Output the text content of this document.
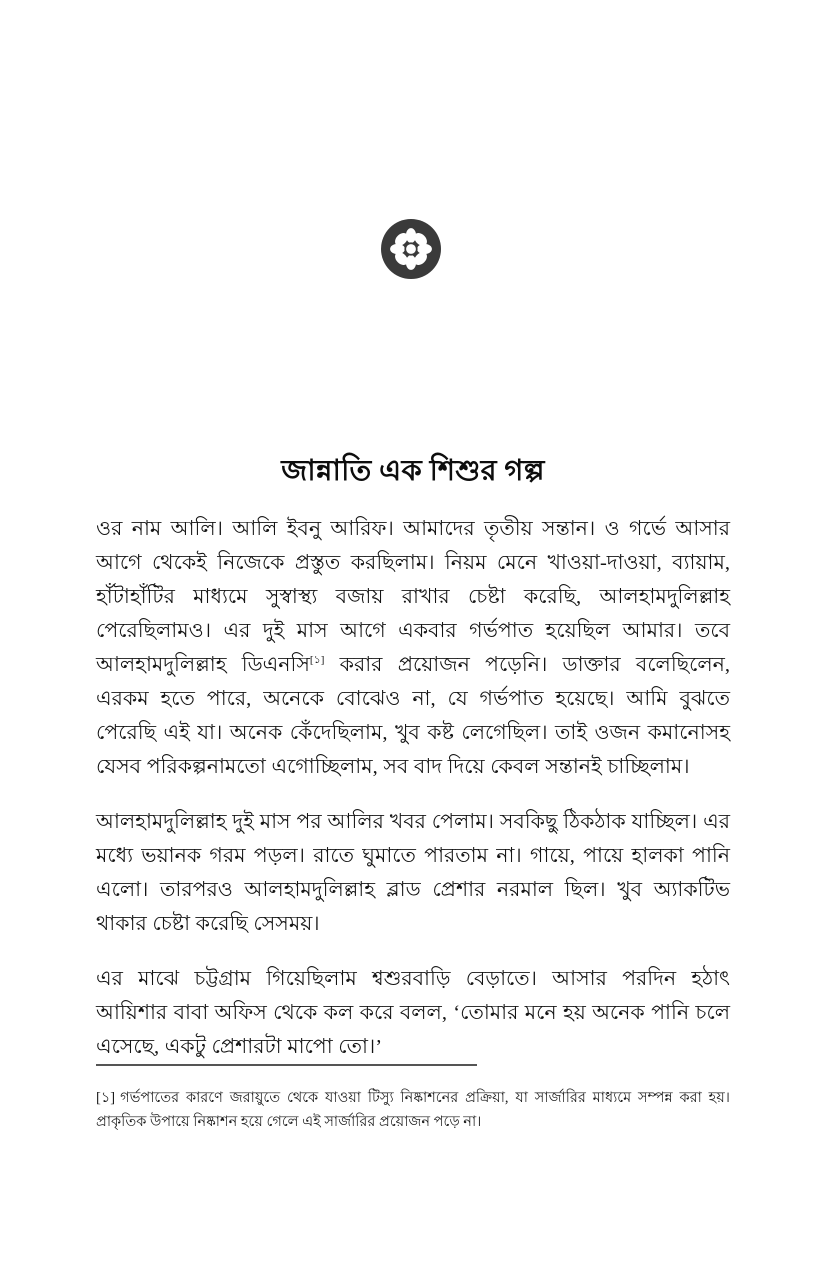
জান্নাতি এক শিশুর গল্প

ওর নাম আলি। আলি ইবনু আরিফ। আমাদের তৃতীয় সন্তান। ও গর্ভে আসার আগে থেকেই নিজেকে প্রস্তুত করছিলাম। নিয়ম মেনে খাওয়া-দাওয়া, ব্যায়াম, হাঁটাহাঁটির মাধ্যমে সুস্বাস্থ্য বজায় রাখার চেষ্টা করেছি, আলহামদুলিল্লাহ পেরেছিলামও। এর দুই মাস আগে একবার গর্ভপাত হয়েছিল আমার। তবে আলহামদুলিল্লাহ ডিএনসি[১] করার প্রয়োজন পড়েনি। ডাক্তার বলেছিলেন, এরকম হতে পারে, অনেকে বোঝেও না, যে গর্ভপাত হয়েছে। আমি বুঝতে পেরেছি এই যা। অনেক কেঁদেছিলাম, খুব কষ্ট লেগেছিল। তাই ওজন কমানোসহ যেসব পরিকল্পনামতো এগোচ্ছিলাম, সব বাদ দিয়ে কেবল সন্তানই চাচ্ছিলাম।

আলহামদুলিল্লাহ দুই মাস পর আলির খবর পেলাম। সবকিছু ঠিকঠাক যাচ্ছিল। এর মধ্যে ভয়ানক গরম পড়ল। রাতে ঘুমাতে পারতাম না। গায়ে, পায়ে হালকা পানি এলো। তারপরও আলহামদুলিল্লাহ ব্লাড প্রেশার নরমাল ছিল। খুব অ্যাকটিভ থাকার চেষ্টা করেছি সেসময়।

এর মাঝে চট্টগ্রাম গিয়েছিলাম শ্বশুরবাড়ি বেড়াতে। আসার পরদিন হঠাৎ আয়িশার বাবা অফিস থেকে কল করে বলল, ‘তোমার মনে হয় অনেক পানি চলে এসেছে, একটু প্রেশারটা মাপো তো।’

[১] গর্ভপাতের কারণে জরায়ুতে থেকে যাওয়া টিস্যু নিষ্কাশনের প্রক্রিয়া, যা সার্জারির মাধ্যমে সম্পন্ন করা হয়। প্রাকৃতিক উপায়ে নিষ্কাশন হয়ে গেলে এই সার্জারির প্রয়োজন পড়ে না।
